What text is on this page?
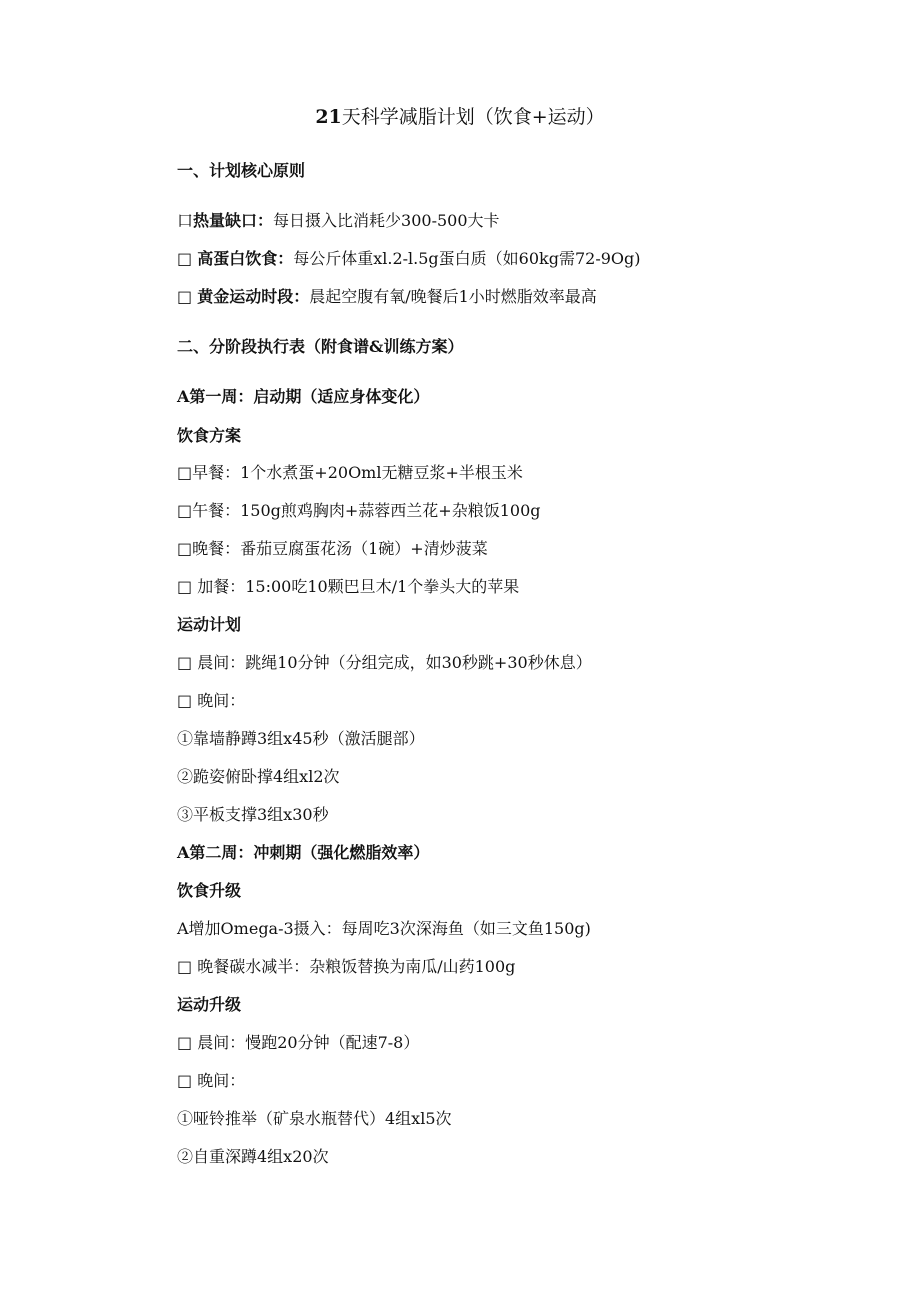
21天科学减脂计划（饮食+运动）
一、计划核心原则
口热量缺口：每日摄入比消耗少300-500大卡
□ 高蛋白饮食：每公斤体重xl.2-l.5g蛋白质（如60kg需72-9Og)
□ 黄金运动时段：晨起空腹有氧/晚餐后1小时燃脂效率最高
二、分阶段执行表（附食谱&训练方案）
A第一周：启动期（适应身体变化）
饮食方案
□早餐：1个水煮蛋+20Oml无糖豆浆+半根玉米
□午餐：150g煎鸡胸肉+蒜蓉西兰花+杂粮饭100g
□晚餐：番茄豆腐蛋花汤（1碗）+清炒菠菜
□ 加餐：15:00吃10颗巴旦木/1个拳头大的苹果
运动计划
□ 晨间：跳绳10分钟（分组完成，如30秒跳+30秒休息）
□ 晚间：
①靠墙静蹲3组x45秒（激活腿部）
②跪姿俯卧撑4组xl2次
③平板支撑3组x30秒
A第二周：冲刺期（强化燃脂效率）
饮食升级
A增加Omega-3摄入：每周吃3次深海鱼（如三文鱼150g)
□ 晚餐碳水减半：杂粮饭替换为南瓜/山药100g
运动升级
□ 晨间：慢跑20分钟（配速7-8）
□ 晚间：
①哑铃推举（矿泉水瓶替代）4组xl5次
②自重深蹲4组x20次
